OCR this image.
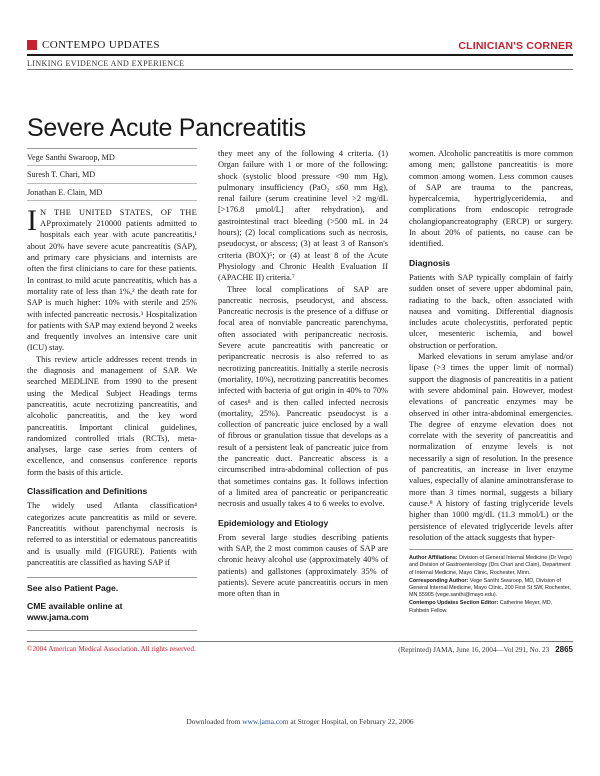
CONTEMPO UPDATES	CLINICIAN'S CORNER
LINKING EVIDENCE AND EXPERIENCE
Severe Acute Pancreatitis
Vege Santhi Swaroop, MD
Suresh T. Chari, MD
Jonathan E. Clain, MD

I N THE UNITED STATES, OF THE APproximately 210000 patients admitted to hospitals each year with acute pancreatitis,¹ about 20% have severe acute pancreatitis (SAP), and primary care physicians and internists are often the first clinicians to care for these patients. In contrast to mild acute pancreatitis, which has a mortality rate of less than 1%,² the death rate for SAP is much higher: 10% with sterile and 25% with infected pancreatic necrosis.³ Hospitalization for patients with SAP may extend beyond 2 weeks and frequently involves an intensive care unit (ICU) stay.

This review article addresses recent trends in the diagnosis and management of SAP. We searched MEDLINE from 1990 to the present using the Medical Subject Headings terms pancreatitis, acute necrotizing pancreatitis, and alcoholic pancreatitis, and the key word pancreatitis. Important clinical guidelines, randomized controlled trials (RCTs), meta-analyses, large case series from centers of excellence, and consensus conference reports form the basis of this article.

Classification and Definitions

The widely used Atlanta classification⁴ categorizes acute pancreatitis as mild or severe. Pancreatitis without parenchymal necrosis is referred to as interstitial or edematous pancreatitis and is usually mild (FIGURE). Patients with pancreatitis are classified as having SAP if

See also Patient Page.
CME available online at
www.jama.com

they meet any of the following 4 criteria. (1) Organ failure with 1 or more of the following: shock (systolic blood pressure <90 mm Hg), pulmonary insufficiency (PaO₂ ≤60 mm Hg), renal failure (serum creatinine level >2 mg/dL [>176.8 µmol/L] after rehydration), and gastrointestinal tract bleeding (>500 mL in 24 hours); (2) local complications such as necrosis, pseudocyst, or abscess; (3) at least 3 of Ranson's criteria (BOX)⁵; or (4) at least 8 of the Acute Physiology and Chronic Health Evaluation II (APACHE II) criteria.⁷

Three local complications of SAP are pancreatic necrosis, pseudocyst, and abscess. Pancreatic necrosis is the presence of a diffuse or focal area of nonviable pancreatic parenchyma, often associated with peripancreatic necrosis. Severe acute pancreatitis with pancreatic or peripancreatic necrosis is also referred to as necrotizing pancreatitis. Initially a sterile necrosis (mortality, 10%), necrotizing pancreatitis becomes infected with bacteria of gut origin in 40% to 70% of cases⁸ and is then called infected necrosis (mortality, 25%). Pancreatic pseudocyst is a collection of pancreatic juice enclosed by a wall of fibrous or granulation tissue that develops as a result of a persistent leak of pancreatic juice from the pancreatic duct. Pancreatic abscess is a circumscribed intra-abdominal collection of pus that sometimes contains gas. It follows infection of a limited area of pancreatic or peripancreatic necrosis and usually takes 4 to 6 weeks to evolve.

Epidemiology and Etiology

From several large studies describing patients with SAP, the 2 most common causes of SAP are chronic heavy alcohol use (approximately 40% of patients) and gallstones (approximately 35% of patients). Severe acute pancreatitis occurs in men more often than in

women. Alcoholic pancreatitis is more common among men; gallstone pancreatitis is more common among women. Less common causes of SAP are trauma to the pancreas, hypercalcemia, hypertriglyceridemia, and complications from endoscopic retrograde cholangiopancreatography (ERCP) or surgery. In about 20% of patients, no cause can be identified.

Diagnosis

Patients with SAP typically complain of fairly sudden onset of severe upper abdominal pain, radiating to the back, often associated with nausea and vomiting. Differential diagnosis includes acute cholecystitis, perforated peptic ulcer, mesenteric ischemia, and bowel obstruction or perforation.

Marked elevations in serum amylase and/or lipase (>3 times the upper limit of normal) support the diagnosis of pancreatitis in a patient with severe abdominal pain. However, modest elevations of pancreatic enzymes may be observed in other intra-abdominal emergencies. The degree of enzyme elevation does not correlate with the severity of pancreatitis and normalization of enzyme levels is not necessarily a sign of resolution. In the presence of pancreatitis, an increase in liver enzyme values, especially of alanine aminotransferase to more than 3 times normal, suggests a biliary cause.⁸ A history of fasting triglyceride levels higher than 1000 mg/dL (11.3 mmol/L) or the persistence of elevated triglyceride levels after resolution of the attack suggests that hyper-

Author Affiliations: Division of General Internal Medicine (Dr Vege) and Division of Gastroenterology (Drs Chari and Clain), Department of Internal Medicine, Mayo Clinic, Rochester, Minn.
Corresponding Author: Vege Santhi Swaroop, MD, Division of General Internal Medicine, Mayo Clinic, 200 First St SW, Rochester, MN 55905 (vege.santhi@mayo.edu).
Contempo Updates Section Editor: Catherine Meyer, MD, Fishbein Fellow.
©2004 American Medical Association. All rights reserved.	(Reprinted) JAMA, June 16, 2004—Vol 291, No. 23 2865
Downloaded from www.jama.com at Stroger Hospital, on February 22, 2006
